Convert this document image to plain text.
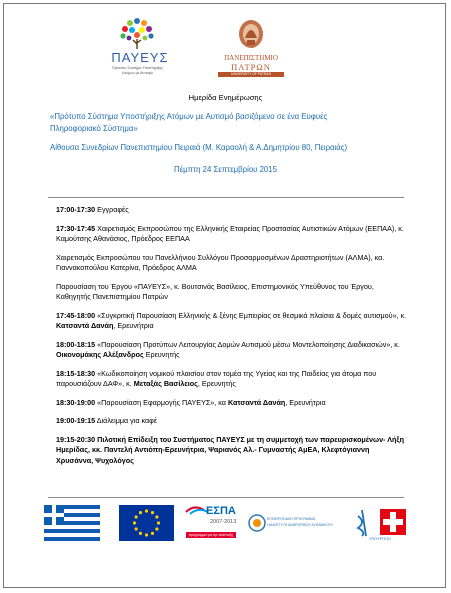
ΠΑΥΕΥΣ
Πρότυπο Σύστημα Υποστήριξης
Ατόμων με Αυτισμό
ΠΑΝΕΠΙΣΤΗΜΙΟ
ΠΑΤΡΩΝ
UNIVERSITY OF PATRAS
Ημερίδα Ενημέρωσης
«Πρότυπο Σύστημα Υποστήριξης Ατόμων με Αυτισμό βασιζόμενο σε ένα Ευφυές
Πληροφοριακό Σύστημα»
Αίθουσα Συνεδρίων Πανεπιστημίου Πειραιά (Μ. Καραολή & Α.Δημητρίου 80, Πειραιάς)
Πέμπτη 24 Σεπτεμβρίου 2015
17:00-17:30 Εγγραφές
17:30-17:45 Χαιρετισμός Εκπροσώπου της Ελληνικής Εταιρείας Προστασίας Αυτιστικών Ατόμων (ΕΕΠΑΑ), κ. Καμούτσης Αθανάσιος, Πρόεδρος ΕΕΠΑΑ
Χαιρετισμός Εκπροσώπου του Πανελλήνιου Συλλόγου Προσαρμοσμένων Δραστηριοτήτων (ΑΛΜΑ), κα. Γιαννακοπούλου Κατερίνα, Πρόεδρος ΑΛΜΑ
Παρουσίαση του Έργου «ΠΑΥΕΥΣ», κ. Βουτσινάς Βασίλειος, Επιστημονικός Υπεύθυνος του Έργου, Καθηγητής Πανεπιστημίου Πατρών
17:45-18:00 «Συγκριτική Παρουσίαση Ελληνικής & ξένης Εμπειρίας σε θεσμικά πλαίσια & δομές αυτισμού», κ. Κατσαντά Δανάη, Ερευνήτρια
18:00-18:15 «Παρουσίαση Προτύπων Λειτουργίας Δομών Αυτισμού μέσω Μοντελοποίησης Διαδικασιών», κ. Οικονομάκης Αλέξανδρος Ερευνητής
18:15-18:30 «Κωδικοποίηση νομικού πλαισίου στον τομέα της Υγείας και της Παιδείας για άτομα που παρουσιάζουν ΔΑΦ», κ. Μεταξάς Βασίλειος, Ερευνητής
18:30-19:00 «Παρουσίαση Εφαρμογής ΠΑΥΕΥΣ», κα Κατσαντά Δανάη, Ερευνήτρια
19:00-19:15 Διάλειμμα για καφέ
19:15-20:30 Πιλοτική Επίδειξη του Συστήματος ΠΑΥΕΥΣ με τη συμμετοχή των παρευρισκομένων- Λήξη Ημερίδας, κκ. Παντελή Αντιόπη-Ερευνήτρια, Ψαριανός Αλ.- Γυμναστής ΑμΕΑ, Κλεφτόγιαννη Χρυσάννα, Ψυχολόγος
ΕΣΠΑ
2007-2013
πρόγραμμα για την ανάπτυξη
ΕΠΙΧΕΙΡΗΣΙΑΚΟ ΠΡΟΓΡΑΜΜΑ
«ΑΝΑΠΤΥΞΗ ΑΝΘΡΩΠΙΝΟΥ ΔΥΝΑΜΙΚΟΥ»
ΥΠΟΥΡΓΕΙΟ
